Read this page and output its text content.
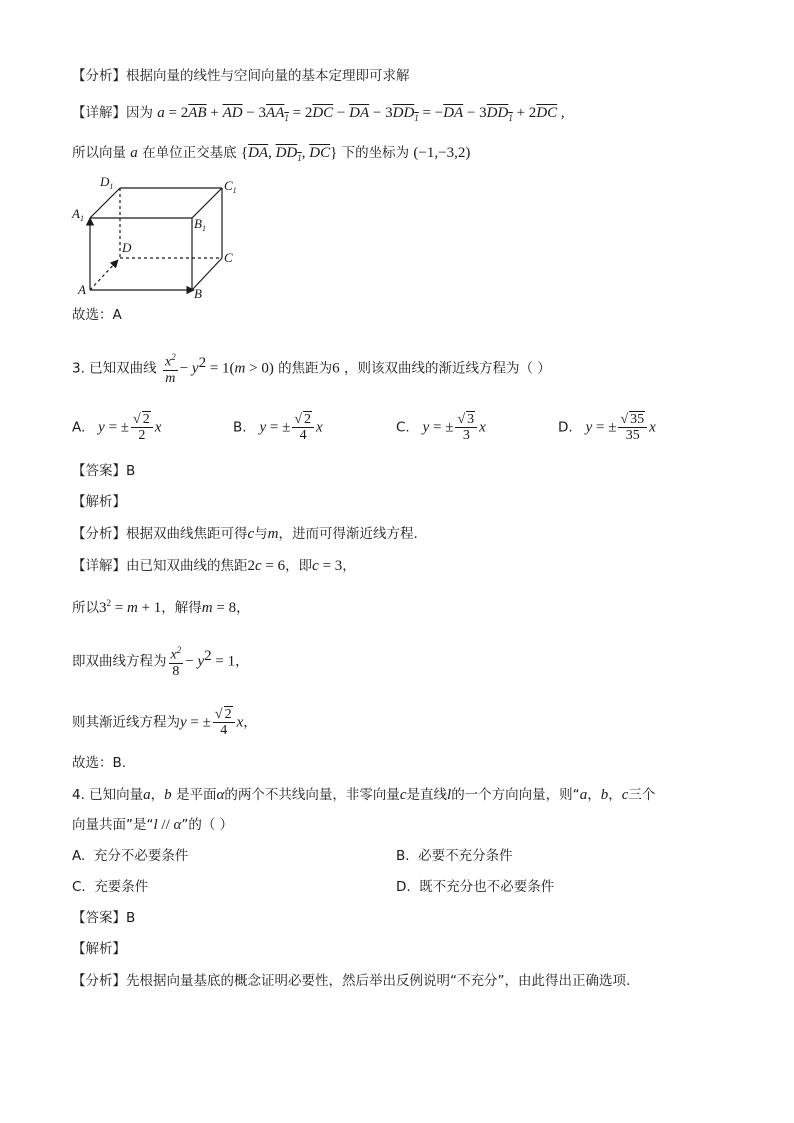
【分析】根据向量的线性与空间向量的基本定理即可求解
【详解】因为 $a = 2\overline{AB} + \overline{AD} - 3AA_1 = 2\overline{DC} - \overline{DA} - 3DD_1 = -\overline{DA} - 3DD_1 + 2\overline{DC}$ ,
所以向量 a 在单位正交基底 {$\overline{DA}$, $DD_1$, $\overline{DC}$} 下的坐标为 (−1,−3,2)
$D_1$	$C_1$
$A_1$	$B_1$
D
C
A	B
故选：A
3. 已知双曲线 $\frac{x^2}{m} - y^2 = 1(m > 0)$ 的焦距为6 ，则该双曲线的渐近线方程为（ ）
A. y = ± $\frac{√ 2}{2}$ x	B. y = ± $\frac{√ 2}{4}$ x	C. y = ± $\frac{√ 3}{3}$ x	D. y = ± $\frac{√ 35}{35}$ x
【答案】B
【解析】
【分析】根据双曲线焦距可得c与m，进而可得渐近线方程.
【详解】由已知双曲线的焦距2c = 6，即c = 3，
所以$3^2 = m + 1$，解得m = 8，
即双曲线方程为 $\frac{x^2}{8} - y^2 = 1$，
则其渐近线方程为y = ± $\frac{√ 2}{4}$ x，
故选：B.
4. 已知向量a，b 是平面α的两个不共线向量，非零向量c是直线l的一个方向向量，则“a，b，c三个
向量共面”是“l // α”的（ ）
A. 充分不必要条件	B. 必要不充分条件
C. 充要条件	D. 既不充分也不必要条件
【答案】B
【解析】
【分析】先根据向量基底的概念证明必要性，然后举出反例说明“不充分”，由此得出正确选项.
